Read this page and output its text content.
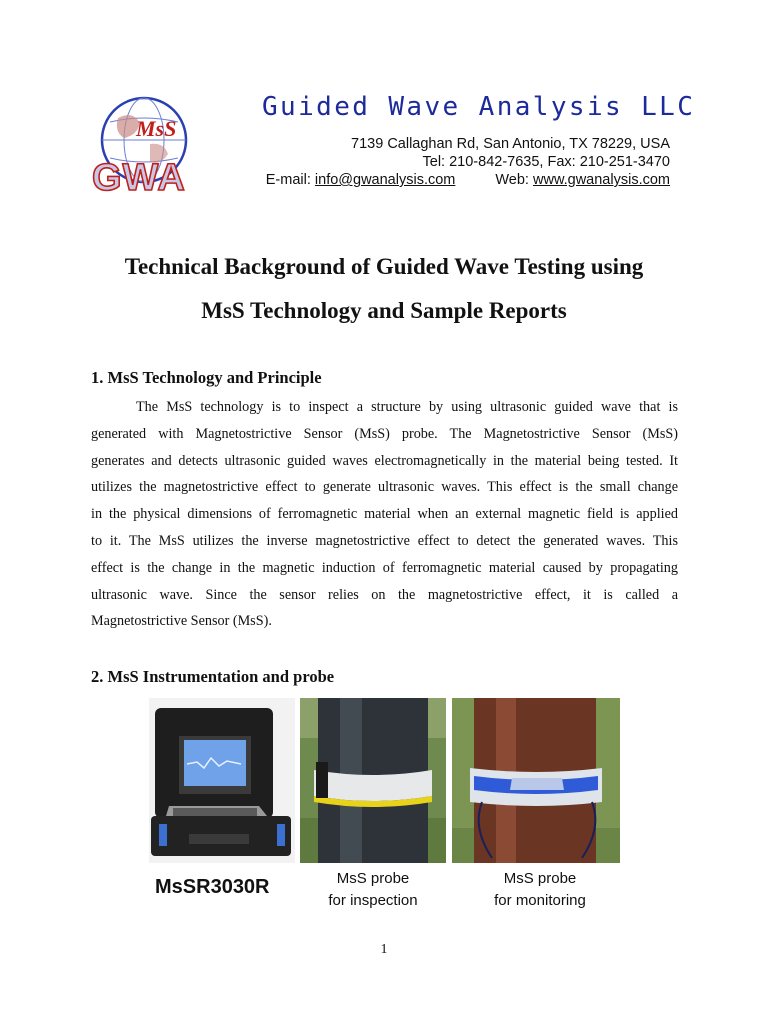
MsS
GWA
Guided Wave Analysis LLC
7139 Callaghan Rd, San Antonio, TX 78229, USA
Tel: 210-842-7635, Fax: 210-251-3470
E-mail: info@gwanalysis.com	Web: www.gwanalysis.com
Technical Background of Guided Wave Testing using
MsS Technology and Sample Reports
1. MsS Technology and Principle
The MsS technology is to inspect a structure by using ultrasonic guided wave that is
generated with Magnetostrictive Sensor (MsS) probe. The Magnetostrictive Sensor (MsS)
generates and detects ultrasonic guided waves electromagnetically in the material being tested. It
utilizes the magnetostrictive effect to generate ultrasonic waves. This effect is the small change
in the physical dimensions of ferromagnetic material when an external magnetic field is applied
to it. The MsS utilizes the inverse magnetostrictive effect to detect the generated waves. This
effect is the change in the magnetic induction of ferromagnetic material caused by propagating
ultrasonic wave. Since the sensor relies on the magnetostrictive effect, it is called a
Magnetostrictive Sensor (MsS).
2. MsS Instrumentation and probe
MsSR3030R	MsS probe
for inspection
MsS probe
for monitoring
1
